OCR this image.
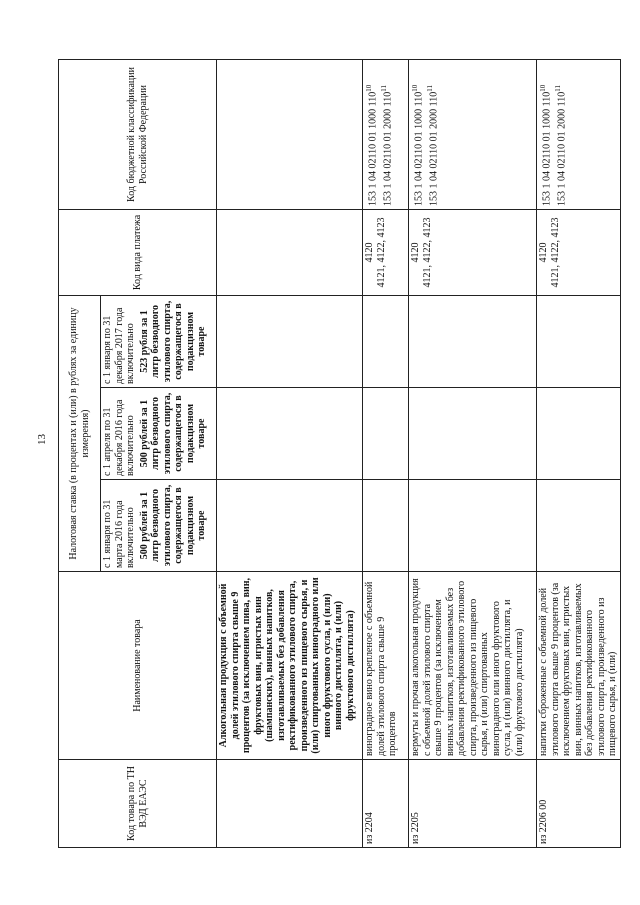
13
Код товара по ТН ВЭД ЕАЭС	Наименование товара	Налоговая ставка (в процентах и (или) в рублях за единицу измерения)			Код вида платежа	Код бюджетной классификации Российской Федерации
		с 1 января по 31 марта 2016 года включительно 500 рублей за 1 литр безводного этилового спирта, содержащегося в подакцизном товаре	с 1 апреля по 31 декабря 2016 года включительно 500 рублей за 1 литр безводного этилового спирта, содержащегося в подакцизном товаре	с 1 января по 31 декабря 2017 года включительно 523 рубля за 1 литр безводного этилового спирта, содержащегося в подакцизном товаре		

	Алкогольная продукция с объемной долей этилового спирта свыше 9 процентов (за исключением пива, вин, фруктовых вин, игристых вин (шампанских), винных напитков, изготавливаемых без добавления ректификованного этилового спирта, произведенного из пищевого сырья, и (или) спиртованных виноградного или иного фруктового сусла, и (или) винного дистиллята, и (или) фруктового дистиллята)					
из 2204	виноградное вино крепленое с объемной долей этилового спирта свыше 9 процентов				4120 4121, 4122, 4123	153 1 04 02110 01 1000 $110^{10}$
153 1 04 02110 01 2000 $110^{11}$

из 2205	вермуты и прочая алкогольная продукция с объемной долей этилового спирта свыше 9 процентов (за исключением винных напитков, изготавливаемых без добавления ректификованного этилового спирта, произведенного из пищевого сырья, и (или) спиртованных виноградного или иного фруктового сусла, и (или) винного дистиллята, и (или) фруктового дистиллята)				4120 4121, 4122, 4123	153 1 04 02110 01 1000 $110^{10}$
153 1 04 02110 01 2000 $110^{11}$

из 2206 00	напитки сброженные с объемной долей этилового спирта свыше 9 процентов (за исключением фруктовых вин, игристых вин, винных напитков, изготавливаемых без добавления ректификованного этилового спирта, произведенного из пищевого сырья, и (или)				4120 4121, 4122, 4123	153 1 04 02110 01 1000 $110^{10}$
153 1 04 02110 01 2000 $110^{11}$
